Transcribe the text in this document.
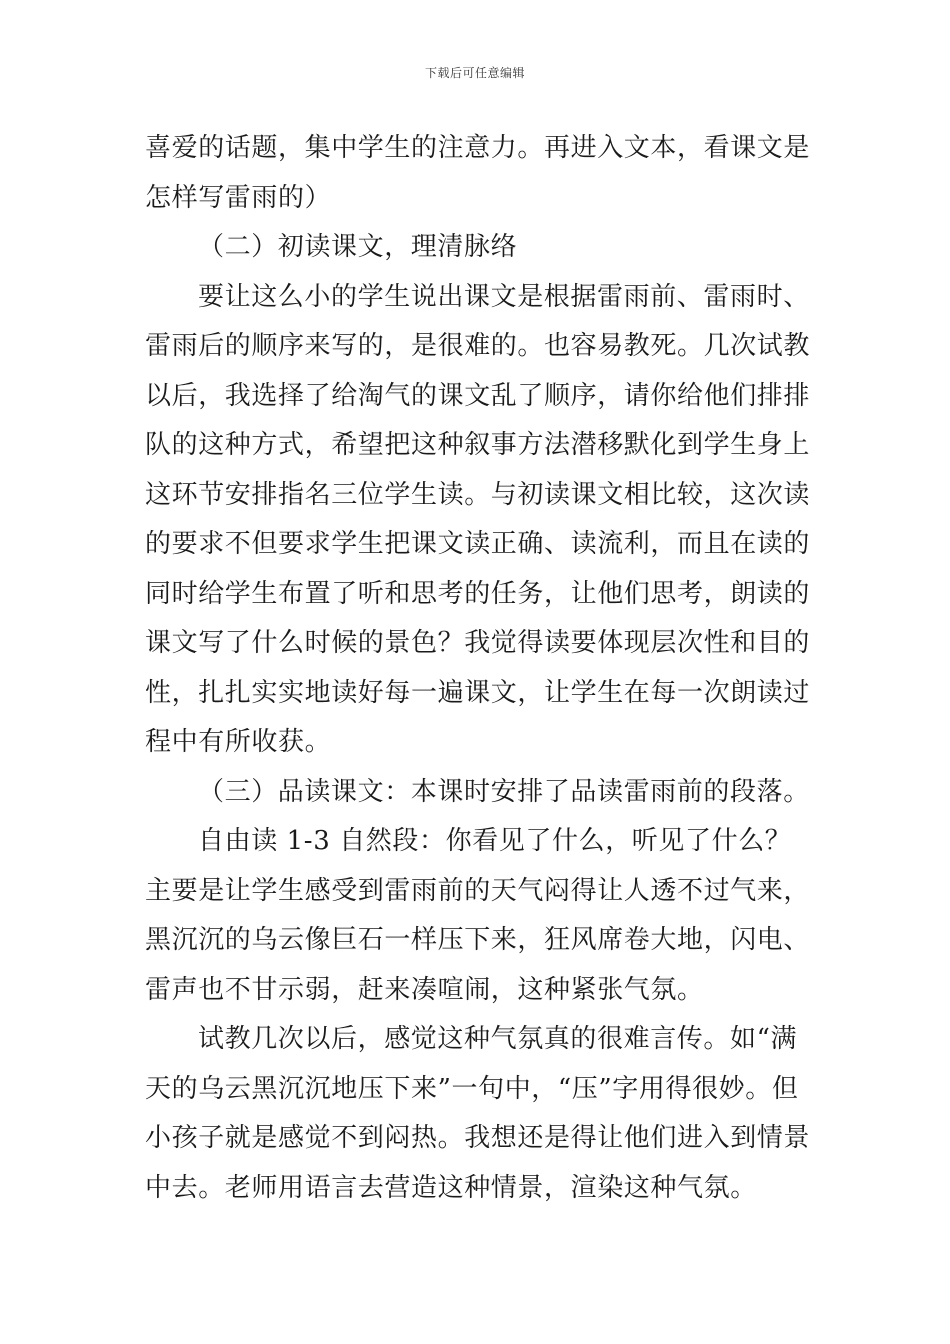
下载后可任意编辑

喜爱的话题，集中学生的注意力。再进入文本，看课文是怎样写雷雨的）

（二）初读课文，理清脉络

要让这么小的学生说出课文是根据雷雨前、雷雨时、雷雨后的顺序来写的，是很难的。也容易教死。几次试教以后，我选择了给淘气的课文乱了顺序，请你给他们排排队的这种方式，希望把这种叙事方法潜移默化到学生身上这环节安排指名三位学生读。与初读课文相比较，这次读的要求不但要求学生把课文读正确、读流利，而且在读的同时给学生布置了听和思考的任务，让他们思考，朗读的课文写了什么时候的景色？我觉得读要体现层次性和目的性，扎扎实实地读好每一遍课文，让学生在每一次朗读过程中有所收获。

（三）品读课文：本课时安排了品读雷雨前的段落。

自由读 1-3 自然段：你看见了什么，听见了什么？主要是让学生感受到雷雨前的天气闷得让人透不过气来，黑沉沉的乌云像巨石一样压下来，狂风席卷大地，闪电、雷声也不甘示弱，赶来凑喧闹，这种紧张气氛。

试教几次以后，感觉这种气氛真的很难言传。如“满天的乌云黑沉沉地压下来”一句中，“压”字用得很妙。但小孩子就是感觉不到闷热。我想还是得让他们进入到情景中去。老师用语言去营造这种情景，渲染这种气氛。
